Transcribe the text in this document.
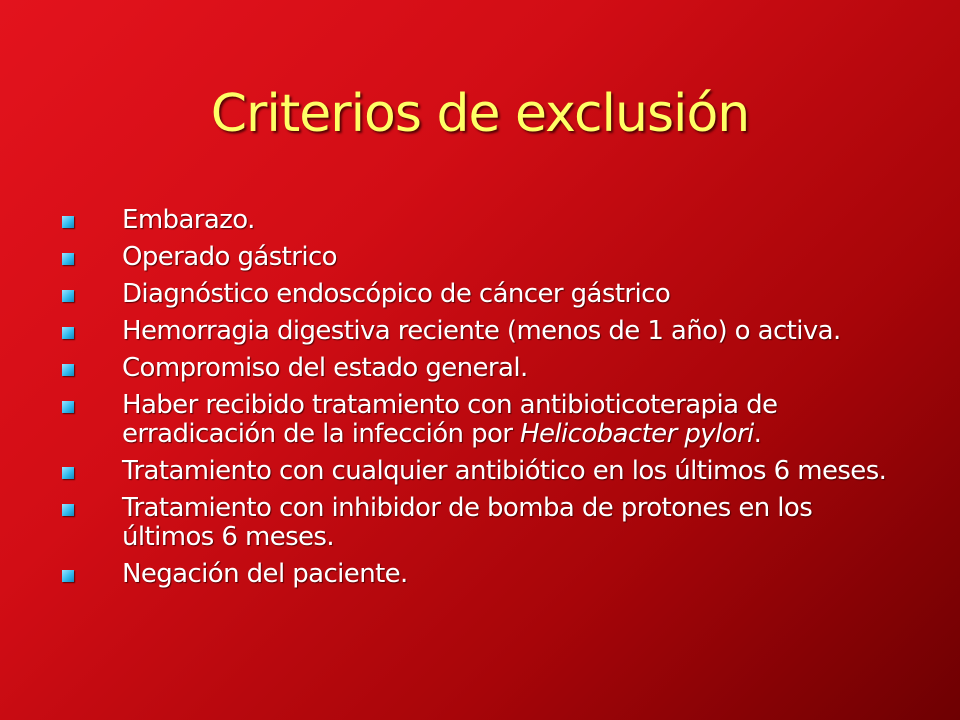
Criterios de exclusión
Embarazo.
Operado gástrico
Diagnóstico endoscópico de cáncer gástrico
Hemorragia digestiva reciente (menos de 1 año) o activa.
Compromiso del estado general.
Haber recibido tratamiento con antibioticoterapia de erradicación de la infección por Helicobacter pylori.
Tratamiento con cualquier antibiótico en los últimos 6 meses.
Tratamiento con inhibidor de bomba de protones en los últimos 6 meses.
Negación del paciente.
